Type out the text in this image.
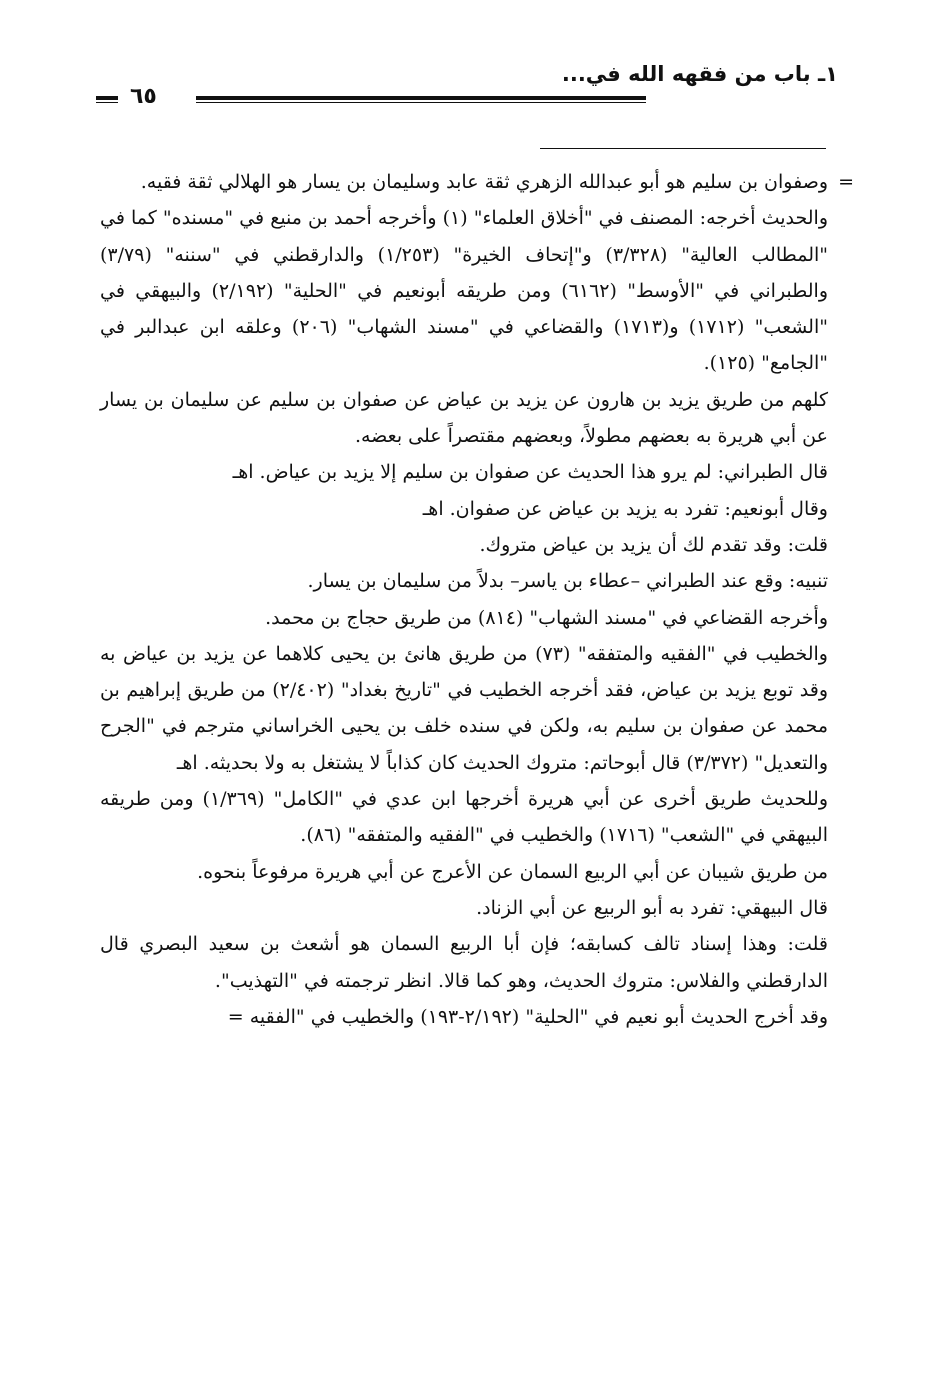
١ـ باب من فقهه الله في...
٦٥
=

وصفوان بن سليم هو أبو عبدالله الزهري ثقة عابد وسليمان بن يسار هو الهلالي ثقة فقيه.

والحديث أخرجه: المصنف في "أخلاق العلماء" (١) وأخرجه أحمد بن منيع في "مسنده" كما في "المطالب العالية" (٣/٣٢٨) و"إتحاف الخيرة" (١/٢٥٣) والدارقطني في "سننه" (٣/٧٩) والطبراني في "الأوسط" (٦١٦٢) ومن طريقه أبونعيم في "الحلية" (٢/١٩٢) والبيهقي في "الشعب" (١٧١٢) و(١٧١٣) والقضاعي في "مسند الشهاب" (٢٠٦) وعلقه ابن عبدالبر في "الجامع" (١٢٥).

كلهم من طريق يزيد بن هارون عن يزيد بن عياض عن صفوان بن سليم عن سليمان بن يسار عن أبي هريرة به بعضهم مطولاً، وبعضهم مقتصراً على بعضه.

قال الطبراني: لم يرو هذا الحديث عن صفوان بن سليم إلا يزيد بن عياض. اهـ

وقال أبونعيم: تفرد به يزيد بن عياض عن صفوان. اهـ

قلت: وقد تقدم لك أن يزيد بن عياض متروك.

تنبيه: وقع عند الطبراني –عطاء بن ياسر– بدلاً من سليمان بن يسار.

وأخرجه القضاعي في "مسند الشهاب" (٨١٤) من طريق حجاج بن محمد.

والخطيب في "الفقيه والمتفقه" (٧٣) من طريق هانئ بن يحيى كلاهما عن يزيد بن عياض به وقد توبع يزيد بن عياض، فقد أخرجه الخطيب في "تاريخ بغداد" (٢/٤٠٢) من طريق إبراهيم بن محمد عن صفوان بن سليم به، ولكن في سنده خلف بن يحيى الخراساني مترجم في "الجرح والتعديل" (٣/٣٧٢) قال أبوحاتم: متروك الحديث كان كذاباً لا يشتغل به ولا بحديثه. اهـ

وللحديث طريق أخرى عن أبي هريرة أخرجها ابن عدي في "الكامل" (١/٣٦٩) ومن طريقه البيهقي في "الشعب" (١٧١٦) والخطيب في "الفقيه والمتفقه" (٨٦).

من طريق شيبان عن أبي الربيع السمان عن الأعرج عن أبي هريرة مرفوعاً بنحوه.

قال البيهقي: تفرد به أبو الربيع عن أبي الزناد.

قلت: وهذا إسناد تالف كسابقه؛ فإن أبا الربيع السمان هو أشعث بن سعيد البصري قال الدارقطني والفلاس: متروك الحديث، وهو كما قالا. انظر ترجمته في "التهذيب".

وقد أخرج الحديث أبو نعيم في "الحلية" (٢/١٩٢-١٩٣) والخطيب في "الفقيه =
